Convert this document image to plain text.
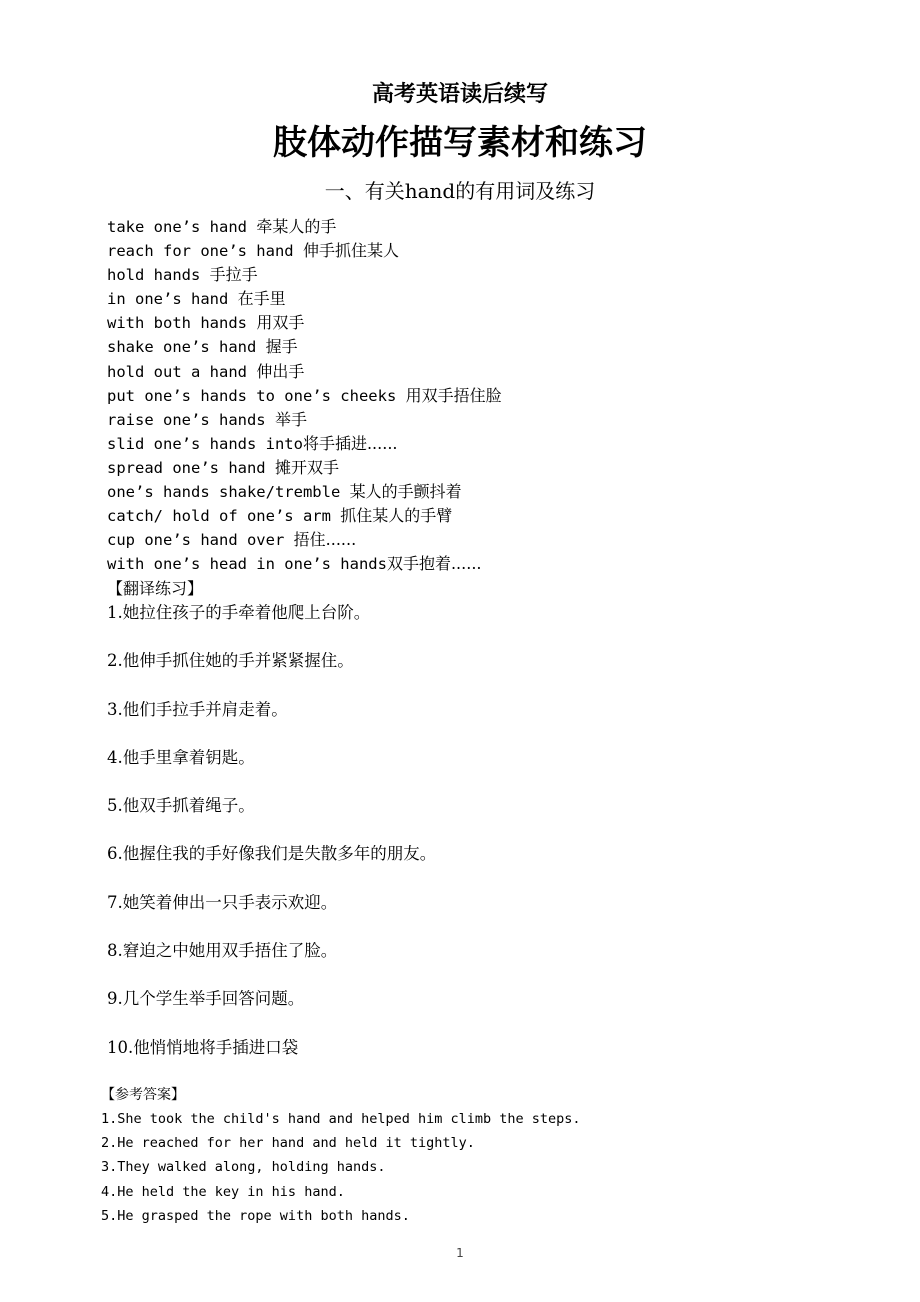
高考英语读后续写
肢体动作描写素材和练习
一、有关hand的有用词及练习
take one’s hand 牵某人的手
reach for one’s hand 伸手抓住某人
hold hands 手拉手
in one’s hand 在手里
with both hands 用双手
shake one’s hand 握手
hold out a hand 伸出手
put one’s hands to one’s cheeks 用双手捂住脸
raise one’s hands 举手
slid one’s hands into将手插进......
spread one’s hand 摊开双手
one’s hands shake/tremble 某人的手颤抖着
catch/ hold of one’s arm 抓住某人的手臂
cup one’s hand over 捂住......
with one’s head in one’s hands双手抱着......
【翻译练习】
1.她拉住孩子的手牵着他爬上台阶。
2.他伸手抓住她的手并紧紧握住。
3.他们手拉手并肩走着。
4.他手里拿着钥匙。
5.他双手抓着绳子。
6.他握住我的手好像我们是失散多年的朋友。
7.她笑着伸出一只手表示欢迎。
8.窘迫之中她用双手捂住了脸。
9.几个学生举手回答问题。
10.他悄悄地将手插进口袋
【参考答案】
1.She took the child's hand and helped him climb the steps.
2.He reached for her hand and held it tightly.
3.They walked along, holding hands.
4.He held the key in his hand.
5.He grasped the rope with both hands.
1
